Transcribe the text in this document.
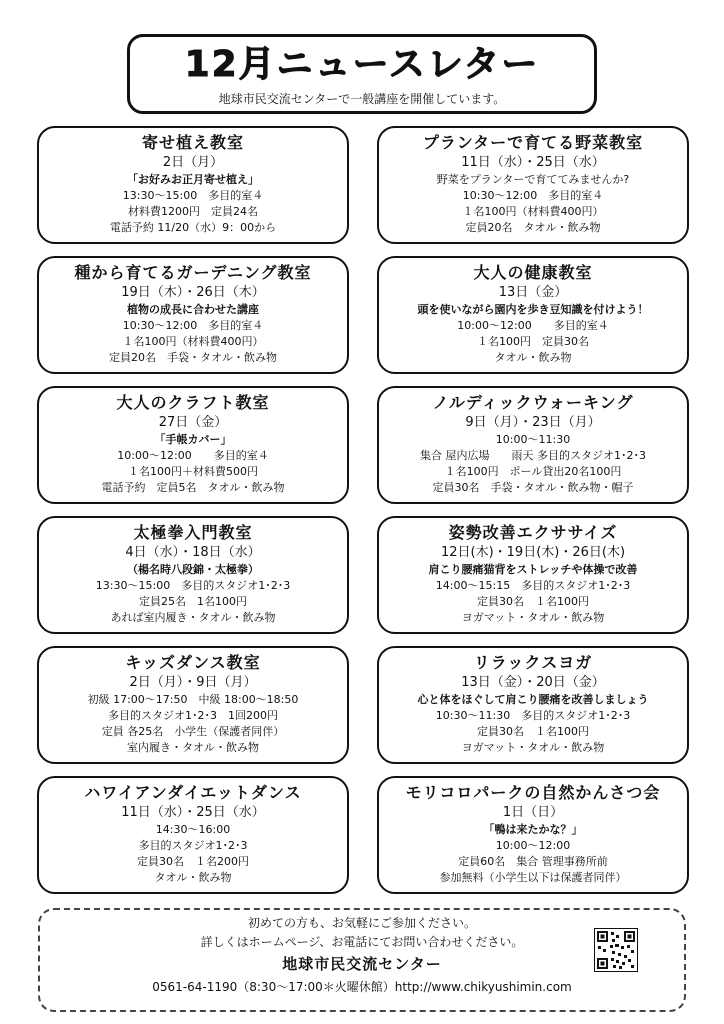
12月ニュースレター
地球市民交流センターで一般講座を開催しています。
寄せ植え教室
2日（月）
「お好みお正月寄せ植え」
13:30〜15:00　多目的室４
材料費1200円　定員24名
電話予約 11/20（水）9：00から
プランターで育てる野菜教室
11日（水）・25日（水）
野菜をプランターで育ててみませんか?
10:30〜12:00　多目的室４
１名100円（材料費400円）
定員20名　タオル・飲み物
種から育てるガーデニング教室
19日（木）・26日（木）
植物の成長に合わせた講座
10:30〜12:00　多目的室４
１名100円（材料費400円）
定員20名　手袋・タオル・飲み物
大人の健康教室
13日（金）
頭を使いながら園内を歩き豆知識を付けよう！
10:00〜12:00　　多目的室４
１名100円　定員30名
タオル・飲み物
大人のクラフト教室
27日（金）
「手帳カバー」
10:00〜12:00　　多目的室４
１名100円＋材料費500円
電話予約　定員5名　タオル・飲み物
ノルディックウォーキング
9日（月）・23日（月）
10:00〜11:30
集合 屋内広場　　雨天 多目的スタジオ1･2･3
１名100円　ポール貸出20名100円
定員30名　手袋・タオル・飲み物・帽子
太極拳入門教室
4日（水）・18日（水）
（楊名時八段錦・太極拳）
13:30〜15:00　多目的スタジオ1･2･3
定員25名　1名100円
あれば室内履き・タオル・飲み物
姿勢改善エクササイズ
12日(木)・19日(木)・26日(木)
肩こり腰痛猫背をストレッチや体操で改善
14:00〜15:15　多目的スタジオ1･2･3
定員30名　１名100円
ヨガマット・タオル・飲み物
キッズダンス教室
2日（月）・9日（月）
初級 17:00〜17:50　中級 18:00〜18:50
多目的スタジオ1･2･3　1回200円
定員 各25名　小学生（保護者同伴）
室内履き・タオル・飲み物
リラックスヨガ
13日（金）・20日（金）
心と体をほぐして肩こり腰痛を改善しましょう
10:30〜11:30　多目的スタジオ1･2･3
定員30名　１名100円
ヨガマット・タオル・飲み物
ハワイアンダイエットダンス
11日（水）・25日（水）
14:30〜16:00
多目的スタジオ1･2･3
定員30名　１名200円
タオル・飲み物
モリコロパークの自然かんさつ会
1日（日）
「鴨は来たかな？」
10:00〜12:00
定員60名　集合 管理事務所前
参加無料（小学生以下は保護者同伴）
初めての方も、お気軽にご参加ください。
詳しくはホームページ、お電話にてお問い合わせください。
地球市民交流センター
0561-64-1190（8:30〜17:00＊火曜休館）http://www.chikyushimin.com
